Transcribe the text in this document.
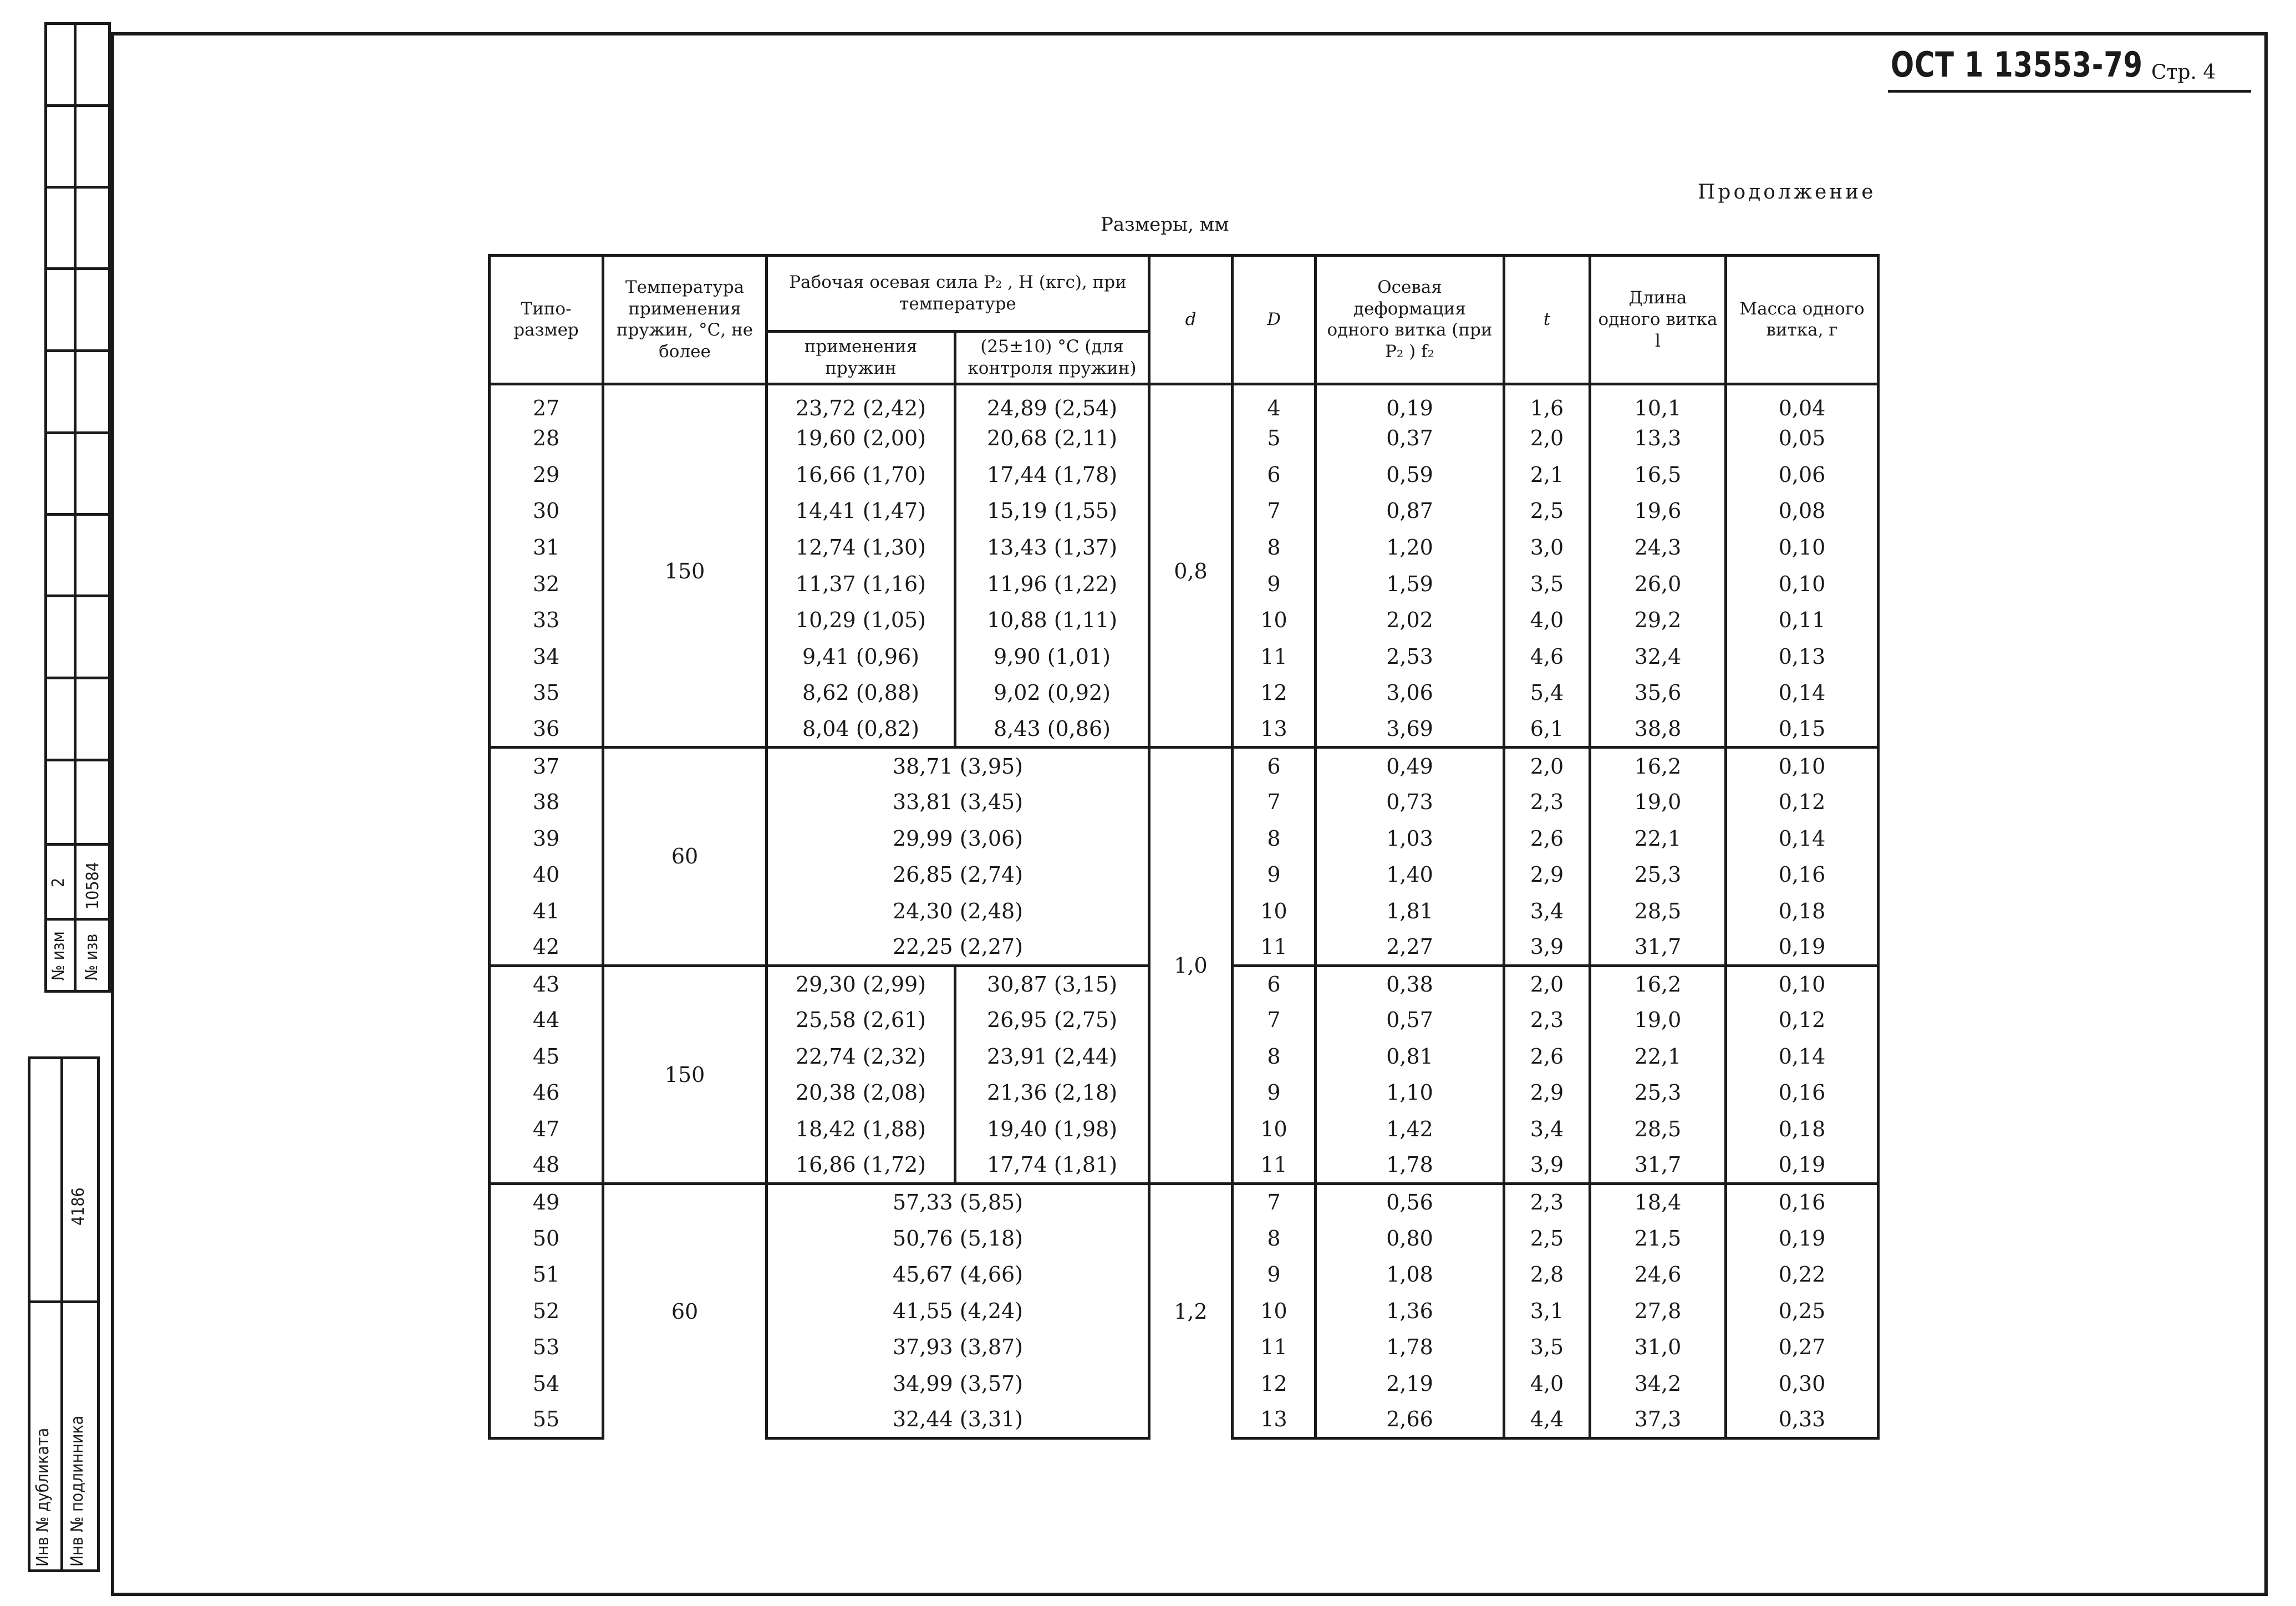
№ изв
10584
№ изм
2
4186
Инв № дубликата Инв № подлинника
ОСТ 1 13553-79 Стр. 4
Продолжение
Размеры, мм
Типо-
размер	Температура применения пружин, °С, не более	Рабочая осевая сила P₂ , Н (кгс), при температуре		d	D	Осевая деформация одного витка (при P₂ ) f₂	t	Длина одного витка l	Масса одного витка, г
		применения пружин	(25±10) °С (для контроля пружин)						
27	150	23,72 (2,42)	24,89 (2,54)	0,8	4	0,19	1,6	10,1	0,04
28		19,60 (2,00)	20,68 (2,11)		5	0,37	2,0	13,3	0,05
29		16,66 (1,70)	17,44 (1,78)		6	0,59	2,1	16,5	0,06
30		14,41 (1,47)	15,19 (1,55)		7	0,87	2,5	19,6	0,08
31		12,74 (1,30)	13,43 (1,37)		8	1,20	3,0	24,3	0,10
32		11,37 (1,16)	11,96 (1,22)		9	1,59	3,5	26,0	0,10
33		10,29 (1,05)	10,88 (1,11)		10	2,02	4,0	29,2	0,11
34		9,41 (0,96)	9,90 (1,01)		11	2,53	4,6	32,4	0,13
35		8,62 (0,88)	9,02 (0,92)		12	3,06	5,4	35,6	0,14
36		8,04 (0,82)	8,43 (0,86)		13	3,69	6,1	38,8	0,15
37	60	38,71 (3,95)		1,0	6	0,49	2,0	16,2	0,10
38		33,81 (3,45)			7	0,73	2,3	19,0	0,12
39		29,99 (3,06)			8	1,03	2,6	22,1	0,14
40		26,85 (2,74)			9	1,40	2,9	25,3	0,16
41		24,30 (2,48)			10	1,81	3,4	28,5	0,18
42		22,25 (2,27)			11	2,27	3,9	31,7	0,19
43	150	29,30 (2,99)	30,87 (3,15)		6	0,38	2,0	16,2	0,10
44		25,58 (2,61)	26,95 (2,75)		7	0,57	2,3	19,0	0,12
45		22,74 (2,32)	23,91 (2,44)		8	0,81	2,6	22,1	0,14
46		20,38 (2,08)	21,36 (2,18)		9	1,10	2,9	25,3	0,16
47		18,42 (1,88)	19,40 (1,98)		10	1,42	3,4	28,5	0,18
48		16,86 (1,72)	17,74 (1,81)		11	1,78	3,9	31,7	0,19
49	60	57,33 (5,85)		1,2	7	0,56	2,3	18,4	0,16
50		50,76 (5,18)			8	0,80	2,5	21,5	0,19
51		45,67 (4,66)			9	1,08	2,8	24,6	0,22
52		41,55 (4,24)			10	1,36	3,1	27,8	0,25
53		37,93 (3,87)			11	1,78	3,5	31,0	0,27
54		34,99 (3,57)			12	2,19	4,0	34,2	0,30
55		32,44 (3,31)			13	2,66	4,4	37,3	0,33
